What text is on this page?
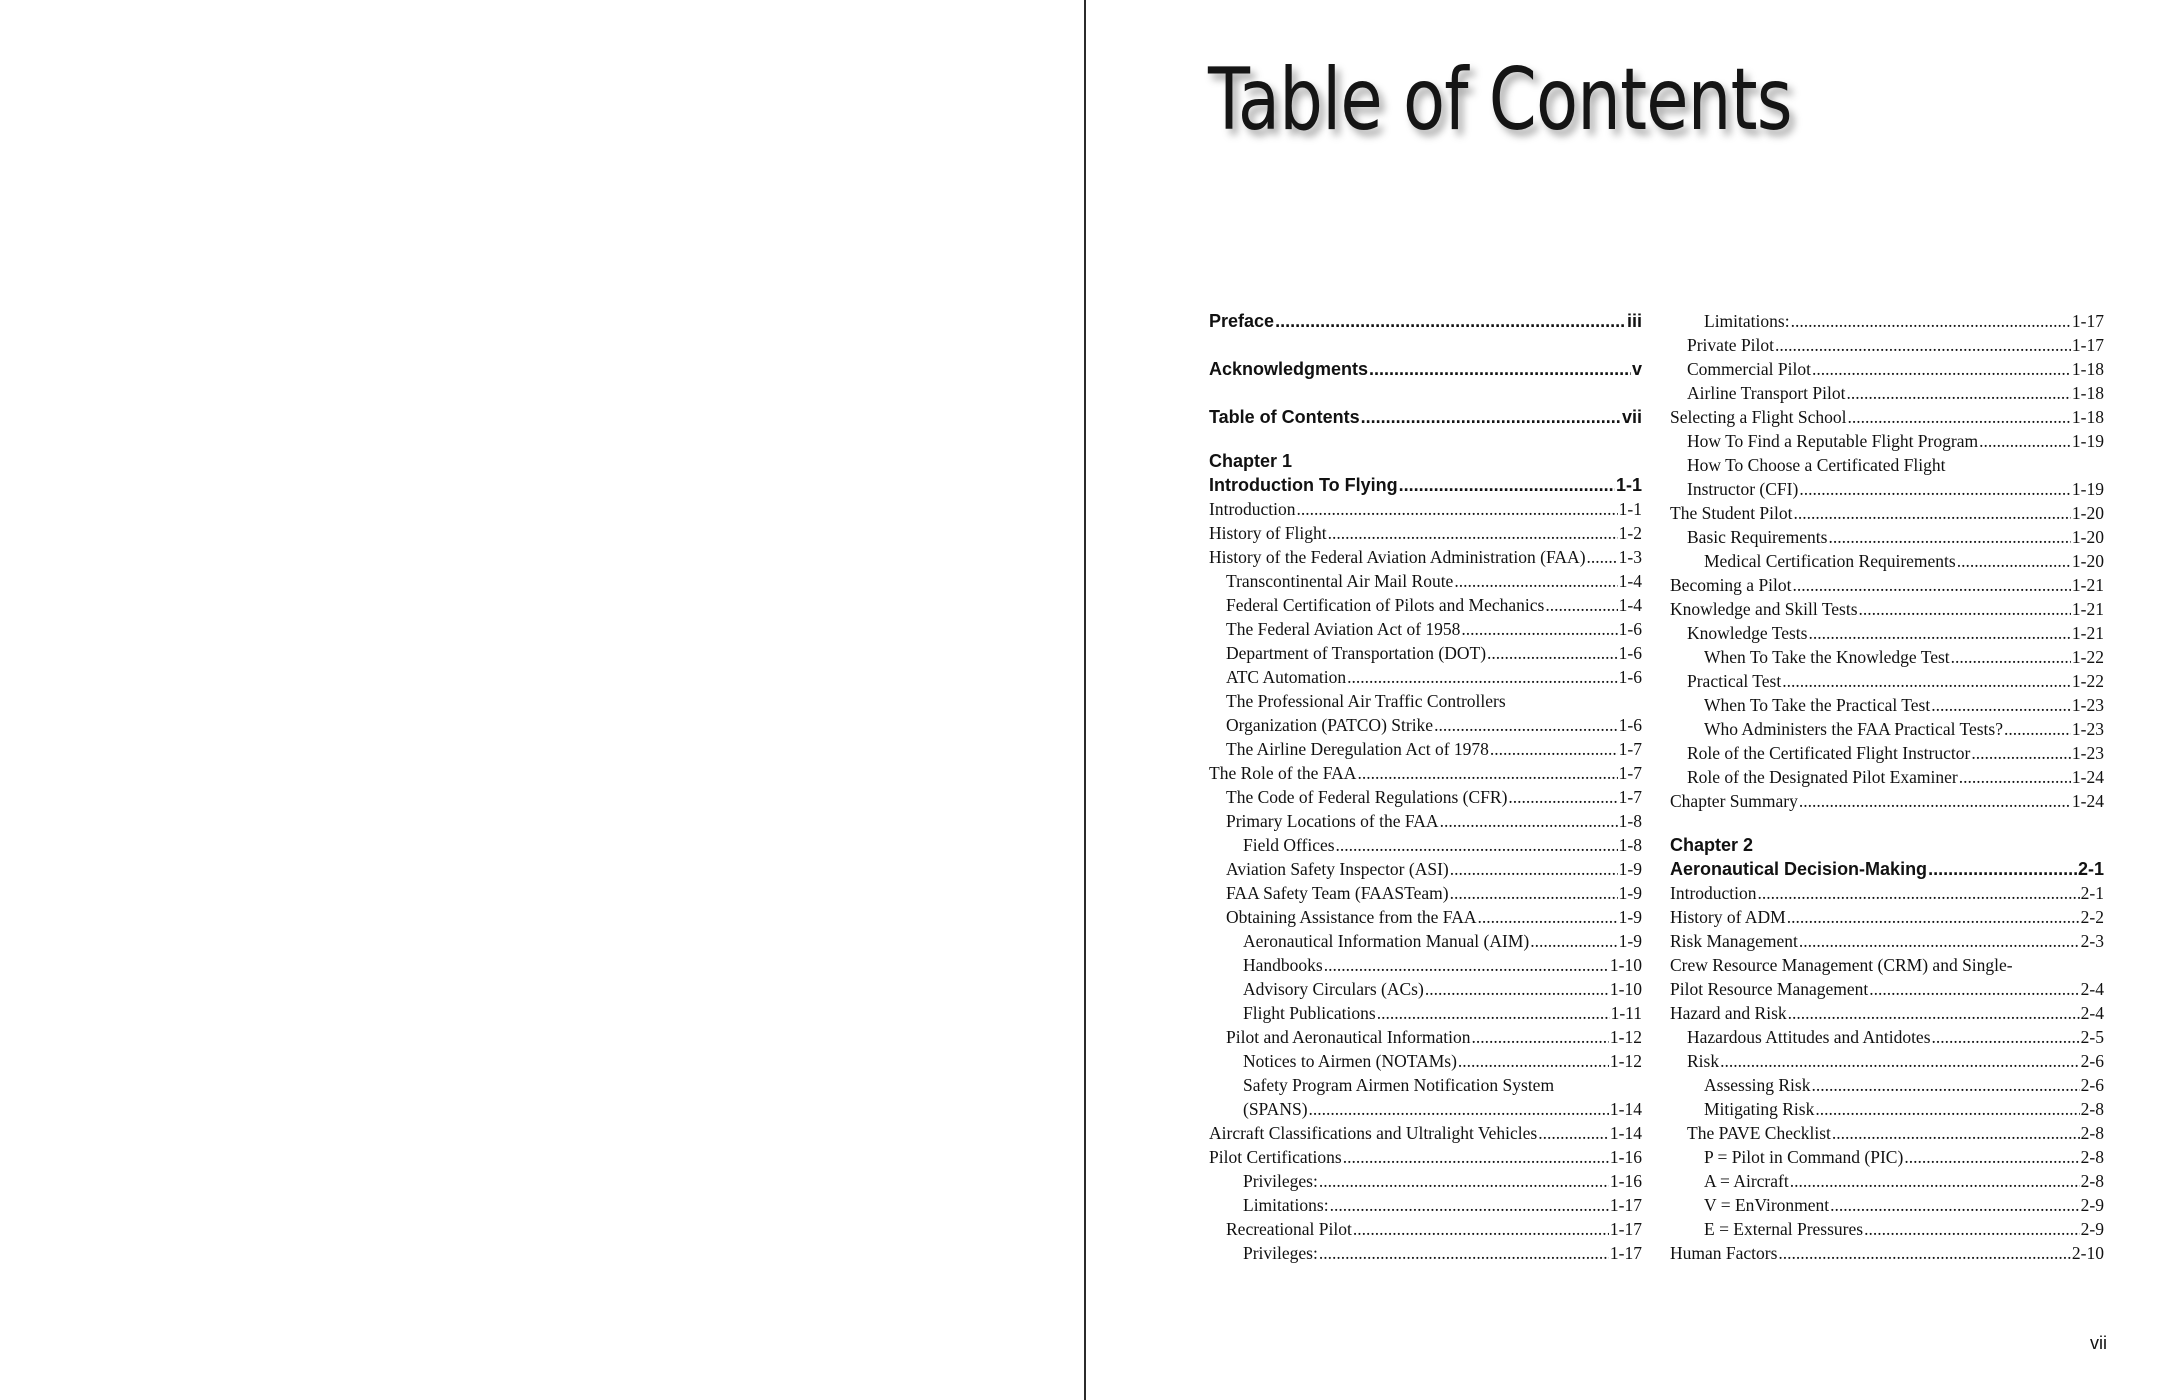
Table of Contents
Preface .....	iii
Acknowledgments .....	v
Table of Contents .....	vii
Chapter 1
Introduction To Flying .....	1-1
Introduction .....	1-1
History of Flight .....	1-2
History of the Federal Aviation Administration (FAA) ..... 1-3
Transcontinental Air Mail Route .....	1-4
Federal Certification of Pilots and Mechanics .....	1-4
The Federal Aviation Act of 1958 .....	1-6
Department of Transportation (DOT) .....	1-6
ATC Automation .....	1-6
The Professional Air Traffic Controllers
Organization (PATCO) Strike .....	1-6
The Airline Deregulation Act of 1978 .....	1-7
The Role of the FAA .....	1-7
The Code of Federal Regulations (CFR) .....	1-7
Primary Locations of the FAA .....	1-8
Field Offices .....	1-8
Aviation Safety Inspector (ASI) .....	1-9
FAA Safety Team (FAASTeam) .....	1-9
Obtaining Assistance from the FAA .....	1-9
Aeronautical Information Manual (AIM) .....	1-9
Handbooks .....	1-10
Advisory Circulars (ACs) .....	1-10
Flight Publications .....	1-11
Pilot and Aeronautical Information .....	1-12
Notices to Airmen (NOTAMs) .....	1-12
Safety Program Airmen Notification System
(SPANS) .....	1-14
Aircraft Classifications and Ultralight Vehicles .....	1-14
Pilot Certifications .....	1-16
Privileges: .....	1-16
Limitations: .....	1-17
Recreational Pilot .....	1-17
Privileges: .....	1-17
Limitations: .....	1-17
Private Pilot .....	1-17
Commercial Pilot .....	1-18
Airline Transport Pilot .....	1-18
Selecting a Flight School .....	1-18
How To Find a Reputable Flight Program .....	1-19
How To Choose a Certificated Flight
Instructor (CFI) .....	1-19
The Student Pilot .....	1-20
Basic Requirements .....	1-20
Medical Certification Requirements .....	1-20
Becoming a Pilot .....	1-21
Knowledge and Skill Tests .....	1-21
Knowledge Tests .....	1-21
When To Take the Knowledge Test .....	1-22
Practical Test .....	1-22
When To Take the Practical Test .....	1-23
Who Administers the FAA Practical Tests? .....	1-23
Role of the Certificated Flight Instructor .....	1-23
Role of the Designated Pilot Examiner .....	1-24
Chapter Summary .....	1-24
Chapter 2
Aeronautical Decision-Making .....	2-1
Introduction .....	2-1
History of ADM .....	2-2
Risk Management .....	2-3
Crew Resource Management (CRM) and Single-
Pilot Resource Management .....	2-4
Hazard and Risk .....	2-4
Hazardous Attitudes and Antidotes .....	2-5
Risk .....	2-6
Assessing Risk .....	2-6
Mitigating Risk .....	2-8
The PAVE Checklist .....	2-8
P = Pilot in Command (PIC) .....	2-8
A = Aircraft .....	2-8
V = EnVironment .....	2-9
E = External Pressures .....	2-9
Human Factors .....	2-10
vii
